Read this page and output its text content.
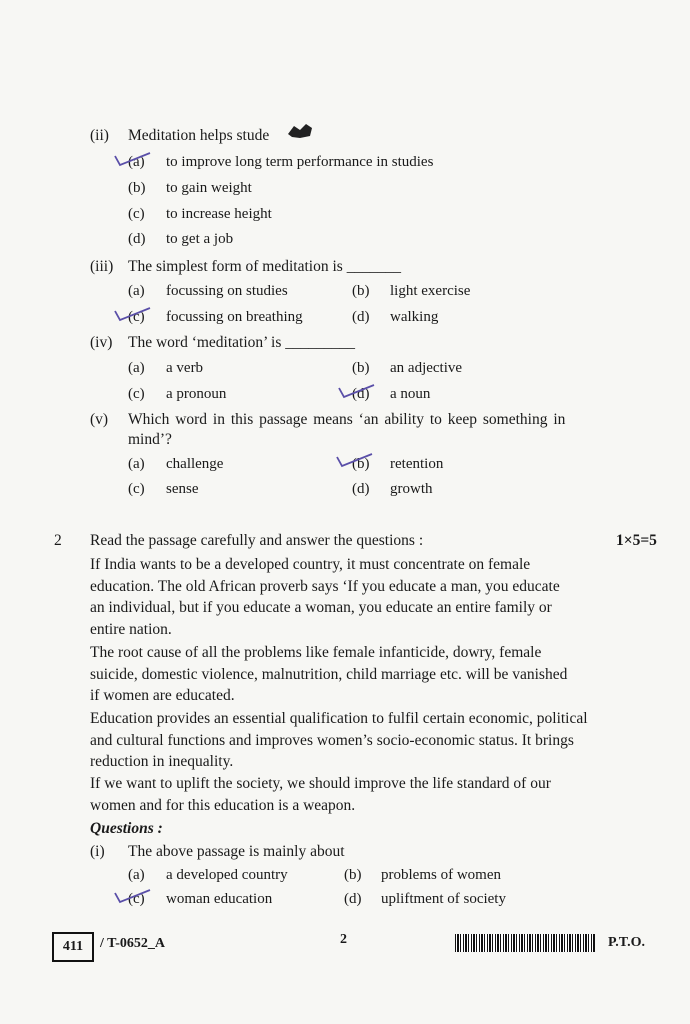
(ii) Meditation helps stude
(a) to improve long term performance in studies
(b) to gain weight
(c) to increase height
(d) to get a job
(iii) The simplest form of meditation is _______
(a) focussing on studies	(b) light exercise
(c) focussing on breathing	(d) walking
(iv) The word ‘meditation’ is _________
(a) a verb	(b) an adjective
(c) a pronoun	(d) a noun
(v) Which word in this passage means ‘an ability to keep something in
mind’?
(a) challenge	(b) retention
(c) sense	(d) growth
2 Read the passage carefully and answer the questions :	1×5=5
If India wants to be a developed country, it must concentrate on female
education. The old African proverb says ‘If you educate a man, you educate
an individual, but if you educate a woman, you educate an entire family or
entire nation.
The root cause of all the problems like female infanticide, dowry, female
suicide, domestic violence, malnutrition, child marriage etc. will be vanished
if women are educated.
Education provides an essential qualification to fulfil certain economic, political
and cultural functions and improves women’s socio-economic status. It brings
reduction in inequality.
If we want to uplift the society, we should improve the life standard of our
women and for this education is a weapon.
Questions :
(i) The above passage is mainly about
(a) a developed country	(b) problems of women
(c) woman education	(d) upliftment of society
411	/ T-0652_A	2	P.T.O.
